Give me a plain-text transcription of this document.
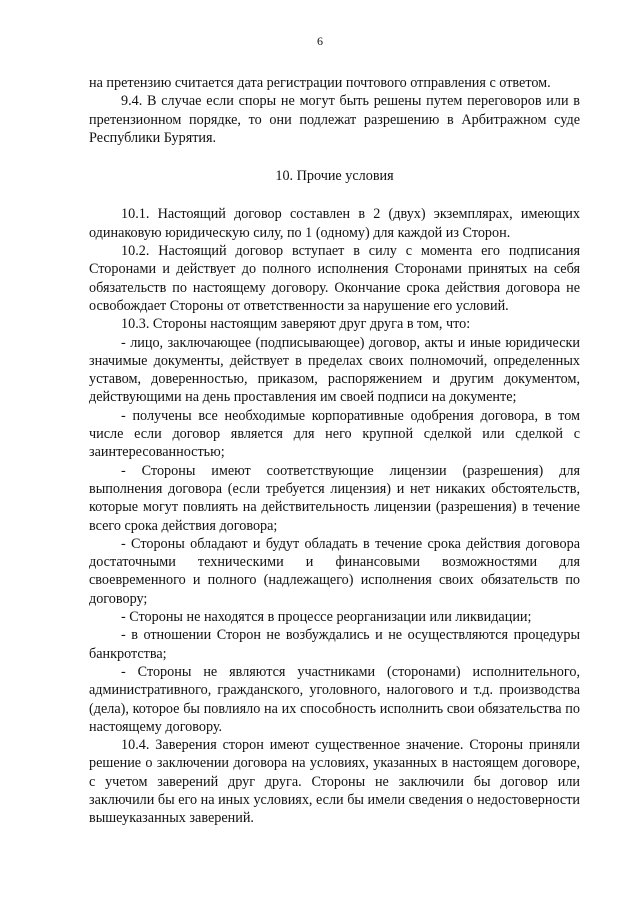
6

на претензию считается дата регистрации почтового отправления с ответом.

9.4. В случае если споры не могут быть решены путем переговоров или в претензионном порядке, то они подлежат разрешению в Арбитражном суде Республики Бурятия.

10. Прочие условия

10.1. Настоящий договор составлен в 2 (двух) экземплярах, имеющих одинаковую юридическую силу, по 1 (одному) для каждой из Сторон.

10.2. Настоящий договор вступает в силу с момента его подписания Сторонами и действует до полного исполнения Сторонами принятых на себя обязательств по настоящему договору. Окончание срока действия договора не освобождает Стороны от ответственности за нарушение его условий.

10.3. Стороны настоящим заверяют друг друга в том, что:

- лицо, заключающее (подписывающее) договор, акты и иные юридически значимые документы, действует в пределах своих полномочий, определенных уставом, доверенностью, приказом, распоряжением и другим документом, действующими на день проставления им своей подписи на документе;

- получены все необходимые корпоративные одобрения договора, в том числе если договор является для него крупной сделкой или сделкой с заинтересованностью;

- Стороны имеют соответствующие лицензии (разрешения) для выполнения договора (если требуется лицензия) и нет никаких обстоятельств, которые могут повлиять на действительность лицензии (разрешения) в течение всего срока действия договора;

- Стороны обладают и будут обладать в течение срока действия договора достаточными техническими и финансовыми возможностями для своевременного и полного (надлежащего) исполнения своих обязательств по договору;

- Стороны не находятся в процессе реорганизации или ликвидации;

- в отношении Сторон не возбуждались и не осуществляются процедуры банкротства;

- Стороны не являются участниками (сторонами) исполнительного, административного, гражданского, уголовного, налогового и т.д. производства (дела), которое бы повлияло на их способность исполнить свои обязательства по настоящему договору.

10.4. Заверения сторон имеют существенное значение. Стороны приняли решение о заключении договора на условиях, указанных в настоящем договоре, с учетом заверений друг друга. Стороны не заключили бы договор или заключили бы его на иных условиях, если бы имели сведения о недостоверности вышеуказанных заверений.
